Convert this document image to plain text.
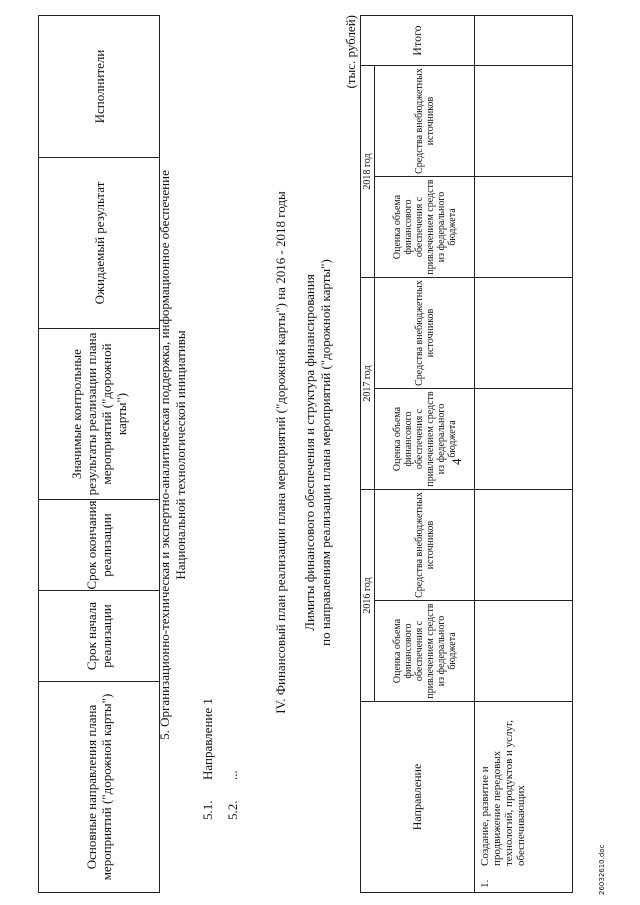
4
Основные направления плана мероприятий ("дорожной карты")	Срок начала реализации	Срок окончания реализации	Значимые контрольные результаты реализации плана мероприятий ("дорожной карты")	Ожидаемый результат	Исполнители
5. Организационно-техническая и экспертно-аналитическая поддержка, информационное обеспечение Национальной технологической инициативы
5.1.
Направление 1
5.2.
...
IV. Финансовый план реализации плана мероприятий ("дорожной карты") на 2016 - 2018 годы Лимиты финансового обеспечения и структура финансирования по направлениям реализации плана мероприятий ("дорожной карты")
(тыс. рублей)
Направление	2016 год		2017 год		2018 год		Итого
	Оценка объема финансового обеспечения с привлечением средств из федерального бюджета	Средства внебюджетных источников	Оценка объема финансового обеспечения с привлечением средств из федерального бюджета	Средства внебюджетных источников	Оценка объема финансового обеспечения с привлечением средств из федерального бюджета	Средства внебюджетных источников	

1.
Создание, развитие и продвижение передовых технологий, продуктов и услуг, обеспечивающих							

26032610.doc
